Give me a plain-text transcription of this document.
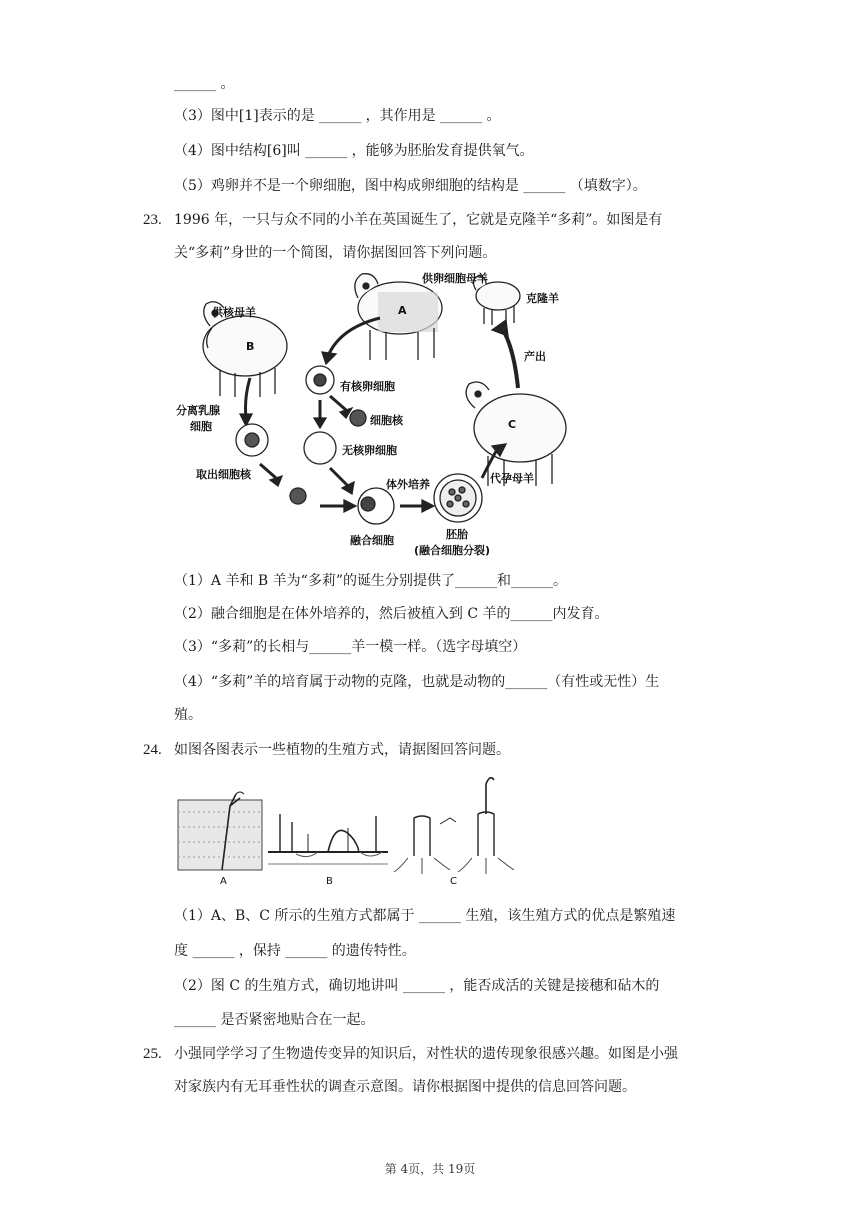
______ 。
（3）图中[1]表示的是 ______ ，其作用是 ______ 。
（4）图中结构[6]叫 ______ ，能够为胚胎发育提供氧气。
（5）鸡卵并不是一个卵细胞，图中构成卵细胞的结构是 ______ （填数字）。
23. 1996 年，一只与众不同的小羊在英国诞生了，它就是克隆羊“多莉”。如图是有
关“多莉”身世的一个简图，请你据图回答下列问题。
供卵细胞母羊
供核母羊
克隆羊
A
B
C
产出
有核卵细胞
细胞核
分离乳腺
细胞
无核卵细胞
取出细胞核
体外培养	代孕母羊
融合细胞	胚胎
(融合细胞分裂)
（1）A 羊和 B 羊为“多莉”的诞生分别提供了______和______。
（2）融合细胞是在体外培养的，然后被植入到 C 羊的______内发育。
（3）“多莉”的长相与______羊一模一样。（选字母填空）
（4）“多莉”羊的培育属于动物的克隆，也就是动物的______（有性或无性）生
殖。
24. 如图各图表示一些植物的生殖方式，请据图回答问题。
A	B	C
（1）A、B、C 所示的生殖方式都属于 ______ 生殖，该生殖方式的优点是繁殖速
度 ______ ，保持 ______ 的遗传特性。
（2）图 C 的生殖方式，确切地讲叫 ______ ，能否成活的关键是接穗和砧木的
______ 是否紧密地贴合在一起。
25. 小强同学学习了生物遗传变异的知识后，对性状的遗传现象很感兴趣。如图是小强
对家族内有无耳垂性状的调查示意图。请你根据图中提供的信息回答问题。
第 4页，共 19页
